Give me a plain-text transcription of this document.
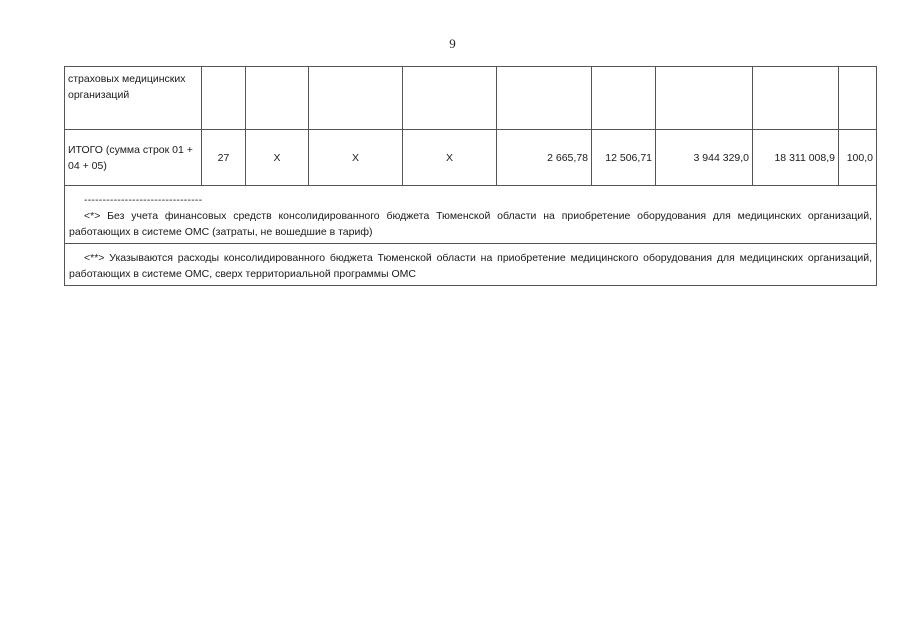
9
страховых медицинских организаций									
ИТОГО (сумма строк 01 + 04 + 05)	27	X	X	X	2 665,78	12 506,71	3 944 329,0	18 311 008,9	100,0

--------------------------------
<*> Без учета финансовых средств консолидированного бюджета Тюменской области на приобретение оборудования для медицинских организаций, работающих в системе ОМС (затраты, не вошедшие в тариф)									

<**> Указываются расходы консолидированного бюджета Тюменской области на приобретение медицинского оборудования для медицинских организаций, работающих в системе ОМС, сверх территориальной программы ОМС									
